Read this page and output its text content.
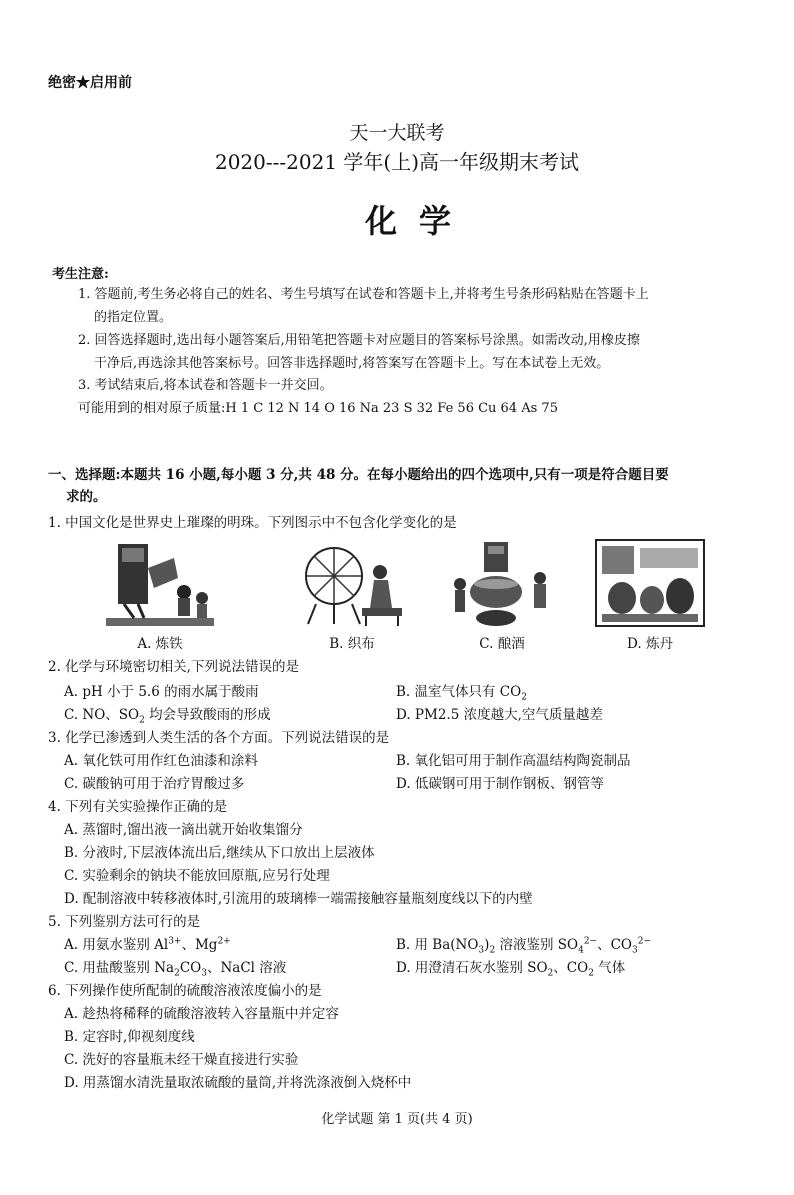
绝密★启用前
天一大联考
2020---2021 学年(上)高一年级期末考试
化学
考生注意:
1. 答题前,考生务必将自己的姓名、考生号填写在试卷和答题卡上,并将考生号条形码粘贴在答题卡上
的指定位置。
2. 回答选择题时,选出每小题答案后,用铅笔把答题卡对应题目的答案标号涂黑。如需改动,用橡皮擦
干净后,再选涂其他答案标号。回答非选择题时,将答案写在答题卡上。写在本试卷上无效。
3. 考试结束后,将本试卷和答题卡一并交回。
可能用到的相对原子质量:H 1 C 12 N 14 O 16 Na 23 S 32 Fe 56 Cu 64 As 75
一、选择题:本题共 16 小题,每小题 3 分,共 48 分。在每小题给出的四个选项中,只有一项是符合题目要
求的。
1. 中国文化是世界史上璀璨的明珠。下列图示中不包含化学变化的是
A. 炼铁	B. 织布	C. 酿酒	D. 炼丹
2. 化学与环境密切相关,下列说法错误的是
A. pH 小于 5.6 的雨水属于酸雨	B. 温室气体只有 $CO_2$
C. NO、$SO_2$ 均会导致酸雨的形成	D. PM2.5 浓度越大,空气质量越差
3. 化学已渗透到人类生活的各个方面。下列说法错误的是
A. 氧化铁可用作红色油漆和涂料	B. 氧化铝可用于制作高温结构陶瓷制品
C. 碳酸钠可用于治疗胃酸过多	D. 低碳钢可用于制作钢板、钢管等
4. 下列有关实验操作正确的是
A. 蒸馏时,馏出液一滴出就开始收集馏分
B. 分液时,下层液体流出后,继续从下口放出上层液体
C. 实验剩余的钠块不能放回原瓶,应另行处理
D. 配制溶液中转移液体时,引流用的玻璃棒一端需接触容量瓶刻度线以下的内壁
5. 下列鉴别方法可行的是
A. 用氨水鉴别 $Al^{3+}$、$Mg^{2+}$	B. 用 $Ba(NO_3)_2$ 溶液鉴别 $SO_4^{2-}$、$CO_3^{2-}$
C. 用盐酸鉴别 $Na_2CO_3$、NaCl 溶液	D. 用澄清石灰水鉴别 $SO_2$、$CO_2$ 气体
6. 下列操作使所配制的硫酸溶液浓度偏小的是
A. 趁热将稀释的硫酸溶液转入容量瓶中并定容
B. 定容时,仰视刻度线
C. 洗好的容量瓶未经干燥直接进行实验
D. 用蒸馏水清洗量取浓硫酸的量筒,并将洗涤液倒入烧杯中
化学试题 第 1 页(共 4 页)
